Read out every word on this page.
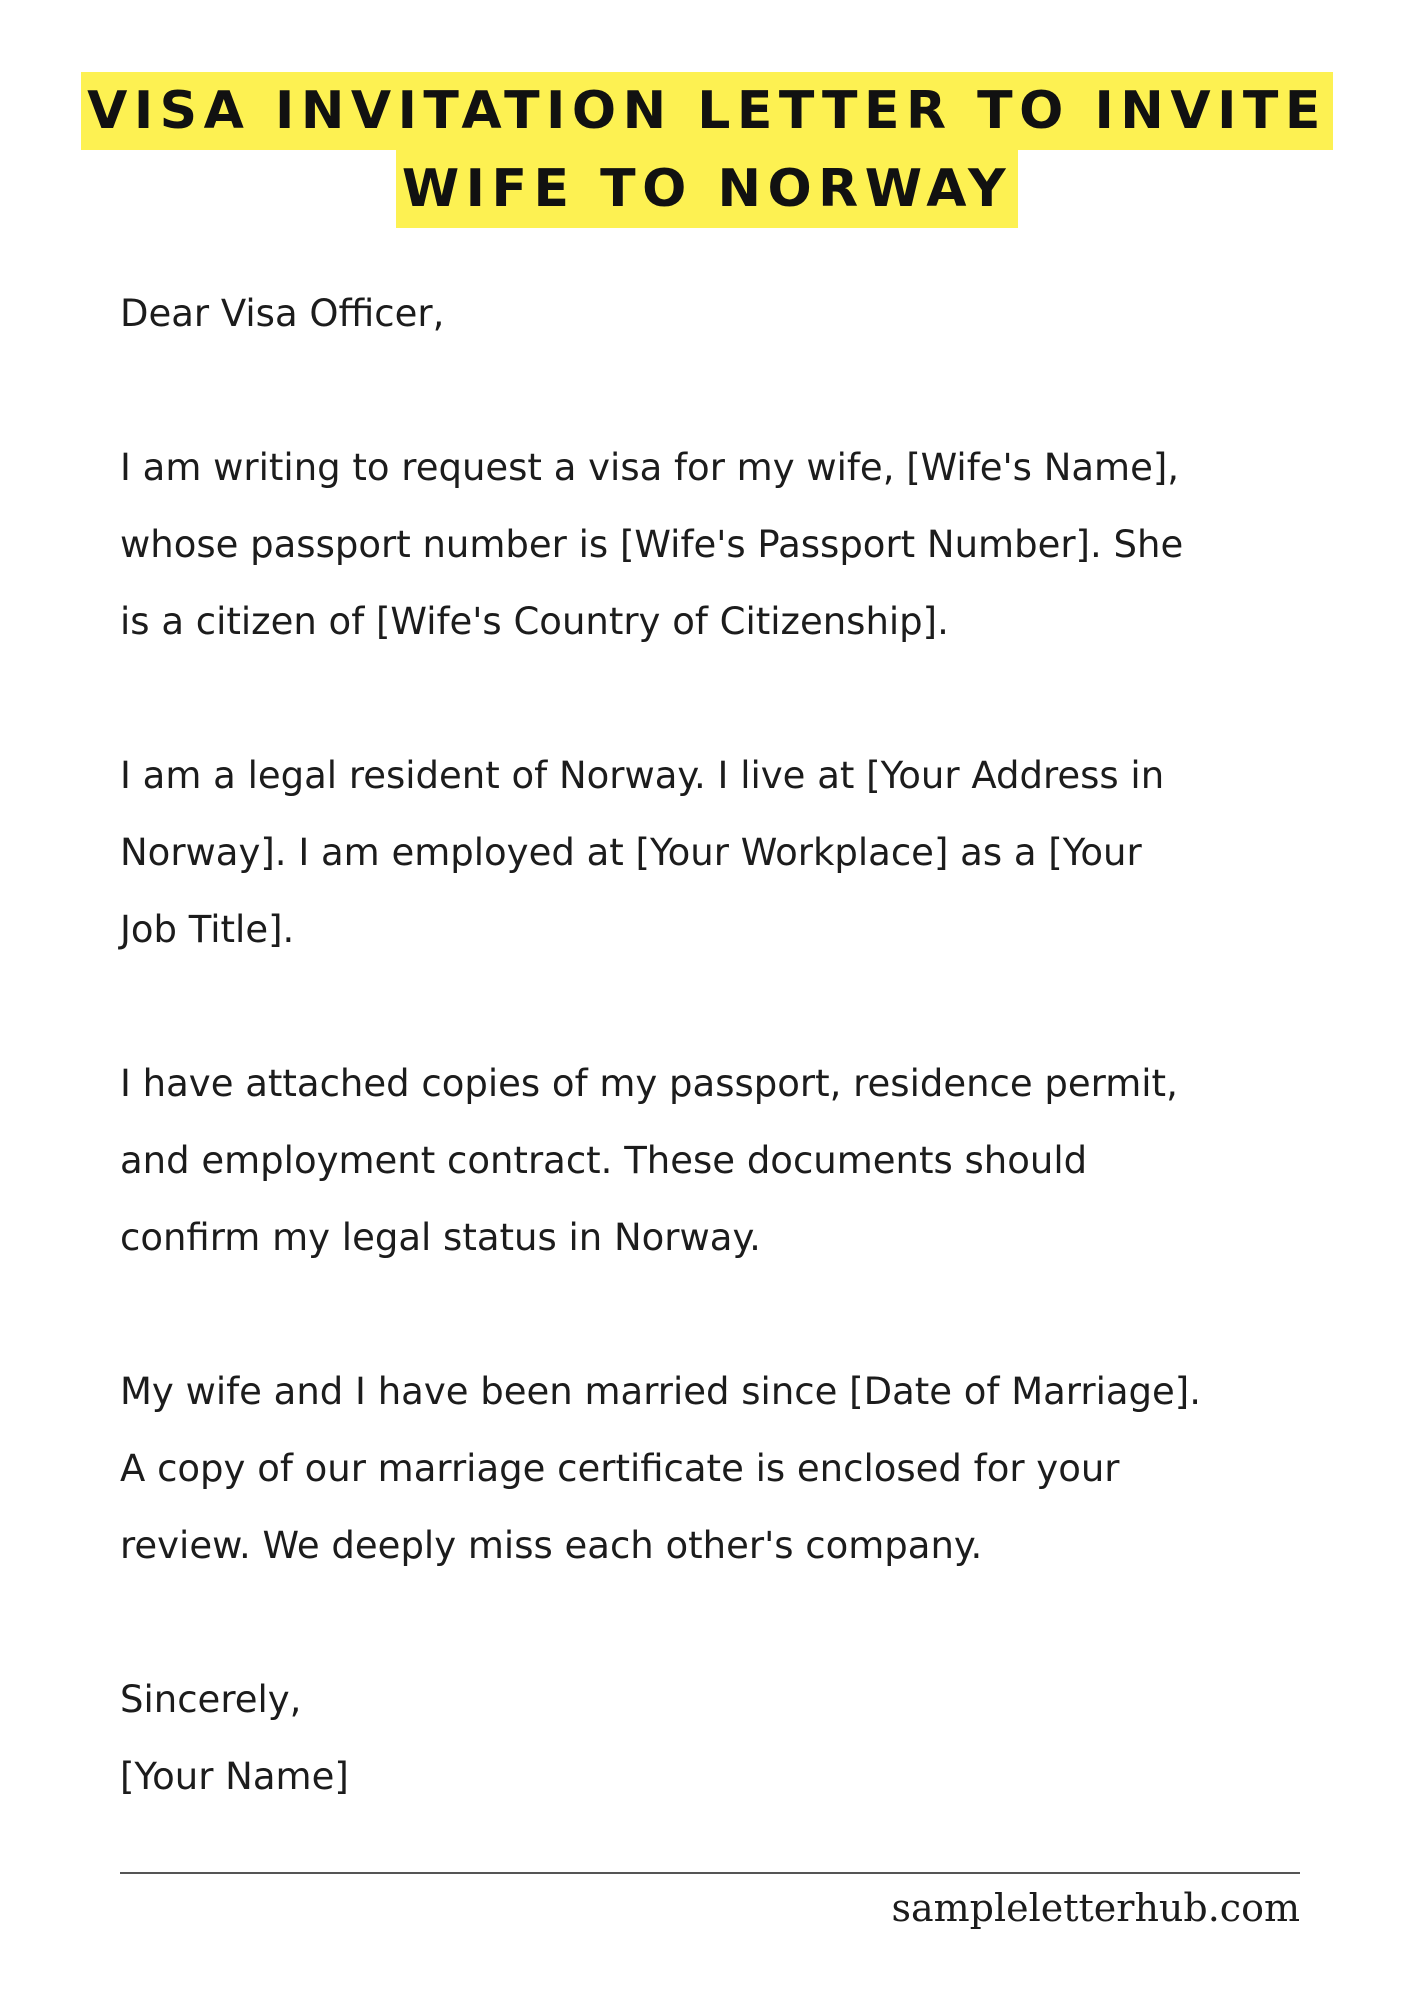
VISA INVITATION LETTER TO INVITE
WIFE TO NORWAY

Dear Visa Officer,

I am writing to request a visa for my wife, [Wife's Name],
whose passport number is [Wife's Passport Number]. She
is a citizen of [Wife's Country of Citizenship].

I am a legal resident of Norway. I live at [Your Address in
Norway]. I am employed at [Your Workplace] as a [Your
Job Title].

I have attached copies of my passport, residence permit,
and employment contract. These documents should
confirm my legal status in Norway.

My wife and I have been married since [Date of Marriage].
A copy of our marriage certificate is enclosed for your
review. We deeply miss each other's company.

Sincerely,
[Your Name]

sampleletterhub.com
